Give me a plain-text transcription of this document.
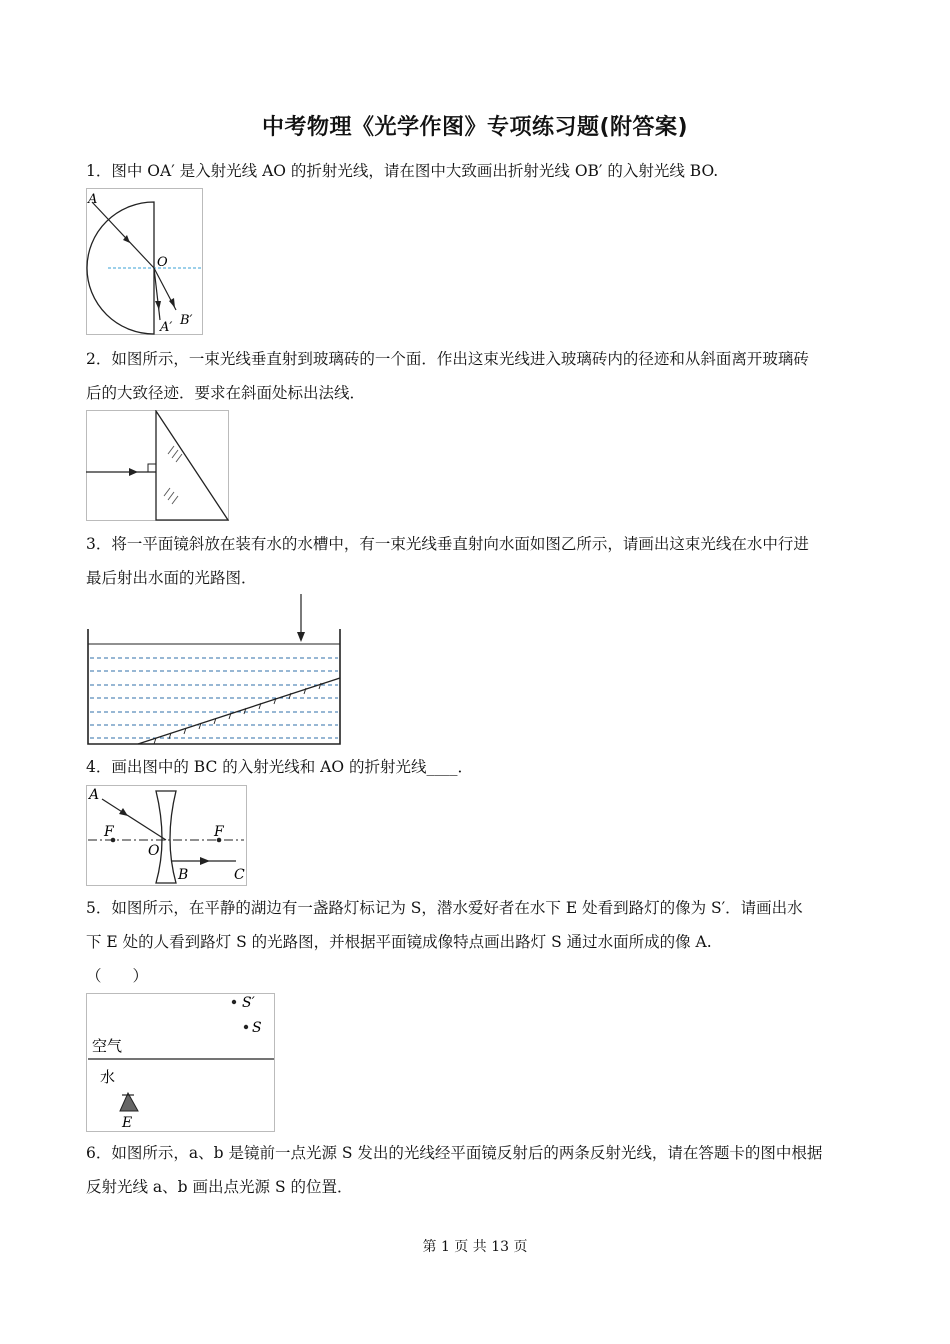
中考物理《光学作图》专项练习题(附答案)

1．图中 OA′ 是入射光线 AO 的折射光线，请在图中大致画出折射光线 OB′ 的入射光线 BO.

A
O
A′ B′

2．如图所示，一束光线垂直射到玻璃砖的一个面．作出这束光线进入玻璃砖内的径迹和从斜面离开玻璃砖
后的大致径迹．要求在斜面处标出法线．

3．将一平面镜斜放在装有水的水槽中，有一束光线垂直射向水面如图乙所示，请画出这束光线在水中行进
最后射出水面的光路图．

4．画出图中的 BC 的入射光线和 AO 的折射光线____．

A
F	F
O
B	C

5．如图所示，在平静的湖边有一盏路灯标记为 S，潜水爱好者在水下 E 处看到路灯的像为 S′．请画出水
下 E 处的人看到路灯 S 的光路图，并根据平面镜成像特点画出路灯 S 通过水面所成的像 A.
（　　）

S′
S
空气
水
E

6．如图所示，a、b 是镜前一点光源 S 发出的光线经平面镜反射后的两条反射光线，请在答题卡的图中根据
反射光线 a、b 画出点光源 S 的位置．

第 1 页 共 13 页
